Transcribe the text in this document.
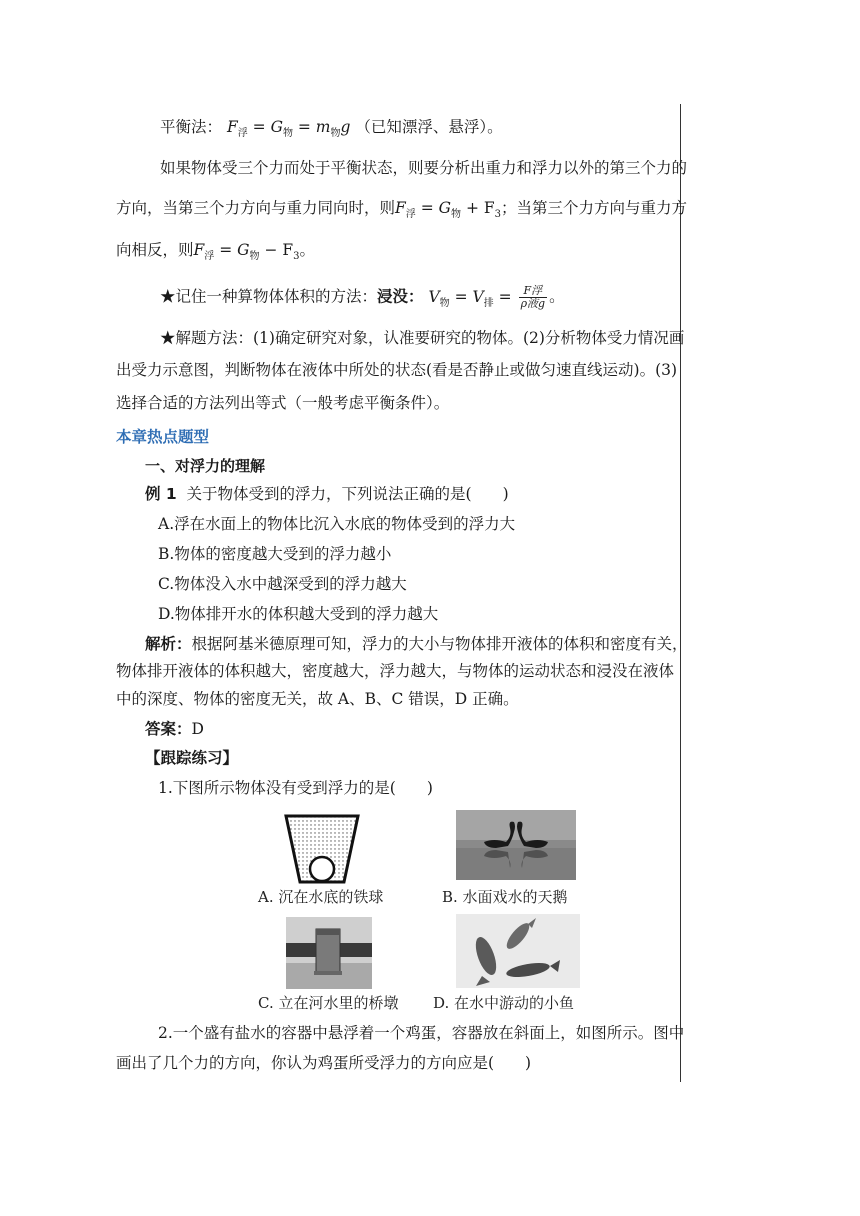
平衡法： $F_浮 = G_物 = m_物g$ （已知漂浮、悬浮）。
如果物体受三个力而处于平衡状态，则要分析出重力和浮力以外的第三个力的
方向，当第三个力方向与重力同向时，则$F_浮 = G_物 + F_3$；当第三个力方向与重力方
向相反，则$F_浮 = G_物 - F_3$。
★记住一种算物体体积的方法：浸没： $V_物 = V_排 = \frac{\text{F浮}}{\text{ρ液g}}$ 。
★解题方法：(1)确定研究对象，认准要研究的物体。(2)分析物体受力情况画
出受力示意图，判断物体在液体中所处的状态(看是否静止或做匀速直线运动)。(3)
选择合适的方法列出等式（一般考虑平衡条件）。
本章热点题型
一、对浮力的理解
例 1 关于物体受到的浮力，下列说法正确的是(　　)
A.浮在水面上的物体比沉入水底的物体受到的浮力大
B.物体的密度越大受到的浮力越小
C.物体没入水中越深受到的浮力越大
D.物体排开水的体积越大受到的浮力越大
解析：根据阿基米德原理可知，浮力的大小与物体排开液体的体积和密度有关，
物体排开液体的体积越大，密度越大，浮力越大，与物体的运动状态和浸没在液体
中的深度、物体的密度无关，故 A、B、C 错误，D 正确。
答案：D
【跟踪练习】
1.下图所示物体没有受到浮力的是(　　)
A. 沉在水底的铁球	B. 水面戏水的天鹅
C. 立在河水里的桥墩 D. 在水中游动的小鱼
2.一个盛有盐水的容器中悬浮着一个鸡蛋，容器放在斜面上，如图所示。图中
画出了几个力的方向，你认为鸡蛋所受浮力的方向应是(　　)
